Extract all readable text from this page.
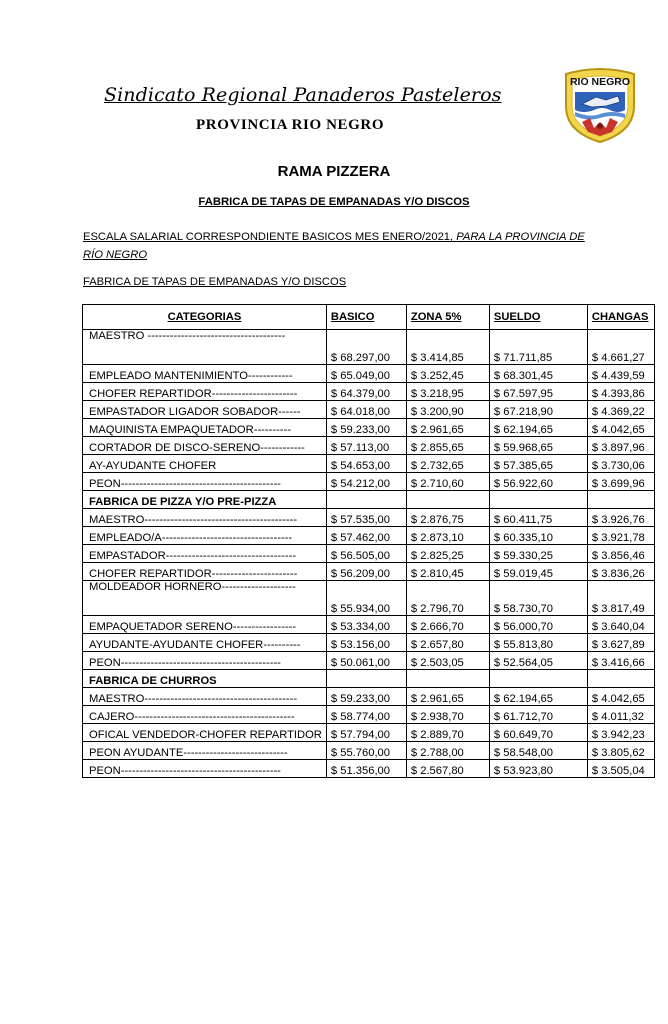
Sindicato Regional Panaderos Pasteleros
PROVINCIA RIO NEGRO
RIO NEGRO
RAMA PIZZERA
FABRICA DE TAPAS DE EMPANADAS Y/O DISCOS
ESCALA SALARIAL CORRESPONDIENTE BASICOS MES ENERO/2021, PARA LA PROVINCIA DE RÍO NEGRO
FABRICA DE TAPAS DE EMPANADAS Y/O DISCOS
CATEGORIAS	BASICO	ZONA 5%	SUELDO	CHANGAS
MAESTRO -------------------------------------	$ 68.297,00	$ 3.414,85	$ 71.711,85	$ 4.661,27
EMPLEADO MANTENIMIENTO------------	$ 65.049,00	$ 3.252,45	$ 68.301,45	$ 4.439,59
CHOFER REPARTIDOR-----------------------	$ 64.379,00	$ 3.218,95	$ 67.597,95	$ 4.393,86
EMPASTADOR LIGADOR SOBADOR------	$ 64.018,00	$ 3.200,90	$ 67.218,90	$ 4.369,22
MAQUINISTA EMPAQUETADOR----------	$ 59.233,00	$ 2.961,65	$ 62.194,65	$ 4.042,65
CORTADOR DE DISCO-SERENO------------	$ 57.113,00	$ 2.855,65	$ 59.968,65	$ 3.897,96
AY-AYUDANTE CHOFER	$ 54.653,00	$ 2.732,65	$ 57.385,65	$ 3.730,06
PEON-------------------------------------------	$ 54.212,00	$ 2.710,60	$ 56.922,60	$ 3.699,96
FABRICA DE PIZZA Y/O PRE-PIZZA				
MAESTRO-----------------------------------------	$ 57.535,00	$ 2.876,75	$ 60.411,75	$ 3.926,76
EMPLEADO/A-----------------------------------	$ 57.462,00	$ 2.873,10	$ 60.335,10	$ 3.921,78
EMPASTADOR-----------------------------------	$ 56.505,00	$ 2.825,25	$ 59.330,25	$ 3.856,46
CHOFER REPARTIDOR-----------------------	$ 56.209,00	$ 2.810,45	$ 59.019,45	$ 3.836,26
MOLDEADOR HORNERO--------------------	$ 55.934,00	$ 2.796,70	$ 58.730,70	$ 3.817,49
EMPAQUETADOR SERENO-----------------	$ 53.334,00	$ 2.666,70	$ 56.000,70	$ 3.640,04
AYUDANTE-AYUDANTE CHOFER----------	$ 53.156,00	$ 2.657,80	$ 55.813,80	$ 3.627,89
PEON-------------------------------------------	$ 50.061,00	$ 2.503,05	$ 52.564,05	$ 3.416,66
FABRICA DE CHURROS				
MAESTRO-----------------------------------------	$ 59.233,00	$ 2.961,65	$ 62.194,65	$ 4.042,65
CAJERO-------------------------------------------	$ 58.774,00	$ 2.938,70	$ 61.712,70	$ 4.011,32
OFICAL VENDEDOR-CHOFER REPARTIDOR	$ 57.794,00	$ 2.889,70	$ 60.649,70	$ 3.942,23
PEON AYUDANTE----------------------------	$ 55.760,00	$ 2.788,00	$ 58.548,00	$ 3.805,62
PEON-------------------------------------------	$ 51.356,00	$ 2.567,80	$ 53.923,80	$ 3.505,04
